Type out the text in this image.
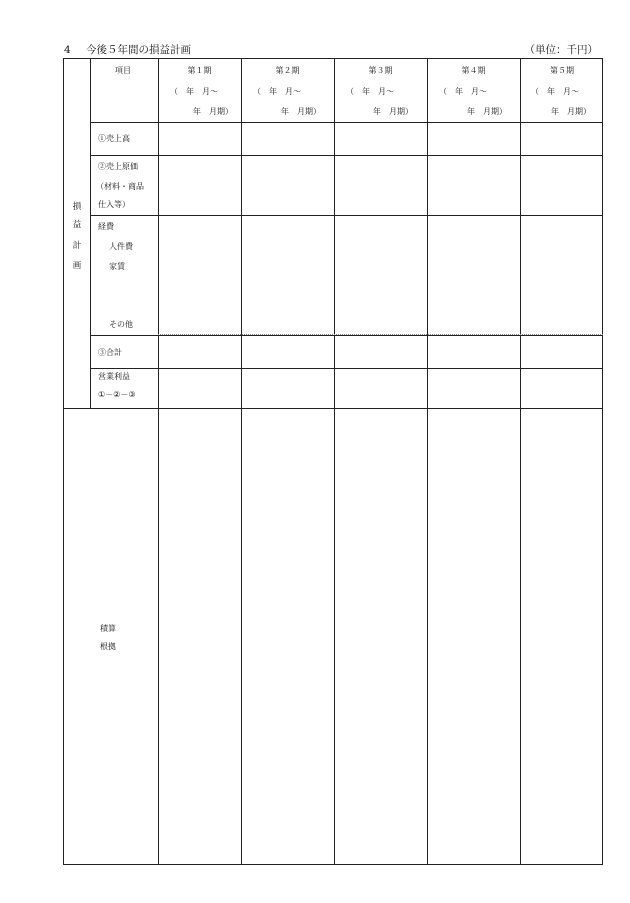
4 今後５年間の損益計画	（単位：千円）
損
益
計
画
項目	第１期
（　年　月～
年　月期）
第２期
（　年　月～
年　月期）
第３期
（　年　月～
年　月期）
第４期
（　年　月～
年　月期）
第５期
（　年　月～
年　月期）
①売上高
②売上原価
（材料・商品
仕入等）
経費
人件費
家賃
その他
③合計
営業利益
①－②－③
積算
根拠
